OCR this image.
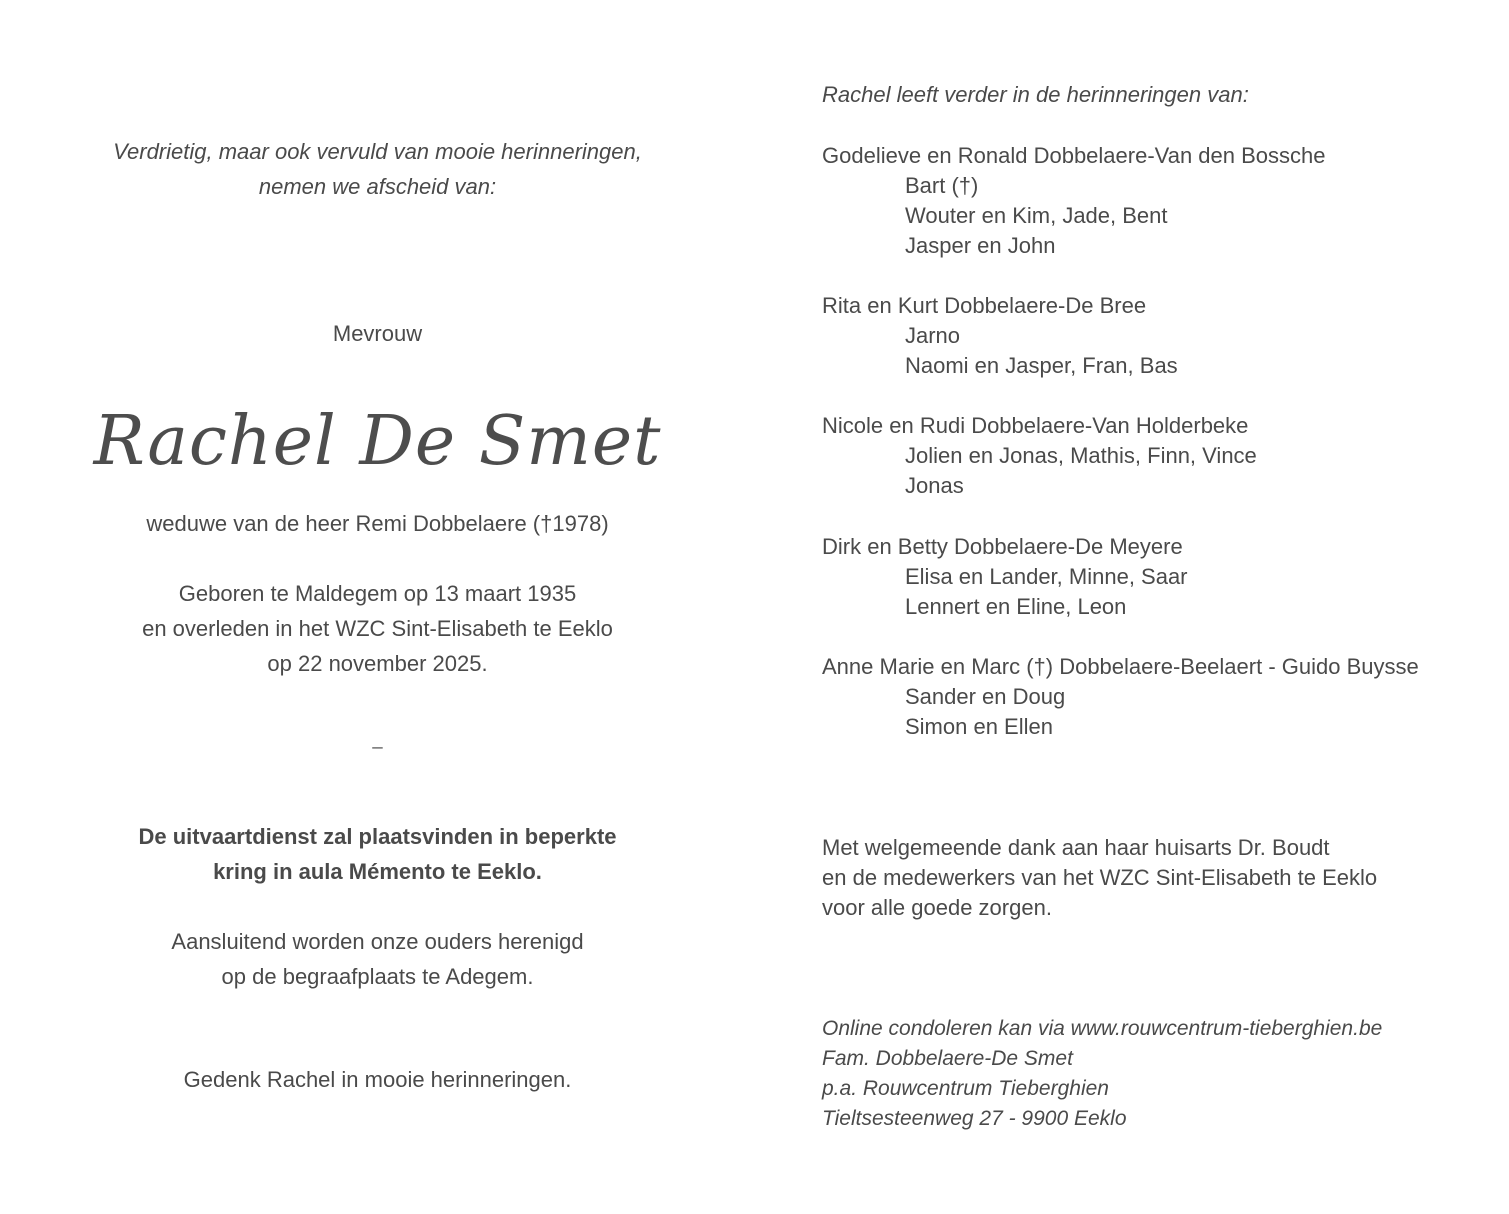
Verdrietig, maar ook vervuld van mooie herinneringen,
nemen we afscheid van:
Mevrouw
Rachel De Smet
weduwe van de heer Remi Dobbelaere (†1978)
Geboren te Maldegem op 13 maart 1935
en overleden in het WZC Sint-Elisabeth te Eeklo
op 22 november 2025.
_
De uitvaartdienst zal plaatsvinden in beperkte
kring in aula Mémento te Eeklo.
Aansluitend worden onze ouders herenigd
op de begraafplaats te Adegem.
Gedenk Rachel in mooie herinneringen.
Rachel leeft verder in de herinneringen van:
Godelieve en Ronald Dobbelaere-Van den Bossche
Bart (†)
Wouter en Kim, Jade, Bent
Jasper en John
Rita en Kurt Dobbelaere-De Bree
Jarno
Naomi en Jasper, Fran, Bas
Nicole en Rudi Dobbelaere-Van Holderbeke
Jolien en Jonas, Mathis, Finn, Vince
Jonas
Dirk en Betty Dobbelaere-De Meyere
Elisa en Lander, Minne, Saar
Lennert en Eline, Leon
Anne Marie en Marc (†) Dobbelaere-Beelaert - Guido Buysse
Sander en Doug
Simon en Ellen
Met welgemeende dank aan haar huisarts Dr. Boudt
en de medewerkers van het WZC Sint-Elisabeth te Eeklo
voor alle goede zorgen.
Online condoleren kan via www.rouwcentrum-tieberghien.be
Fam. Dobbelaere-De Smet
p.a. Rouwcentrum Tieberghien
Tieltsesteenweg 27 - 9900 Eeklo
